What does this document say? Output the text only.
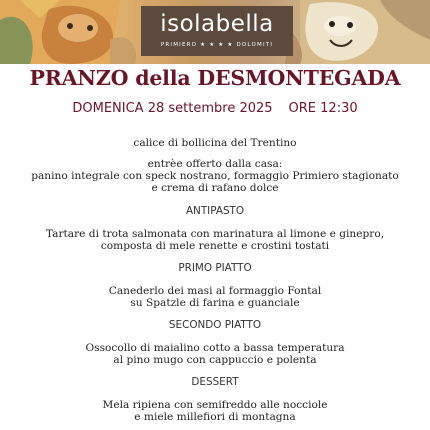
isolabella
PRIMIERO ★ ★ ★ ★ DOLOMITI
PRANZO della DESMONTEGADA
DOMENICA 28 settembre 2025 ORE 12:30
calice di bollicina del Trentino
entrèe offerto dalla casa:
panino integrale con speck nostrano, formaggio Primiero stagionato
e crema di rafano dolce
ANTIPASTO
Tartare di trota salmonata con marinatura al limone e ginepro,
composta di mele renette e crostini tostati
PRIMO PIATTO
Canederlo dei masi al formaggio Fontal
su Spatzle di farina e guanciale
SECONDO PIATTO
Ossocollo di maialino cotto a bassa temperatura
al pino mugo con cappuccio e polenta
DESSERT
Mela ripiena con semifreddo alle nocciole
e miele millefiori di montagna
